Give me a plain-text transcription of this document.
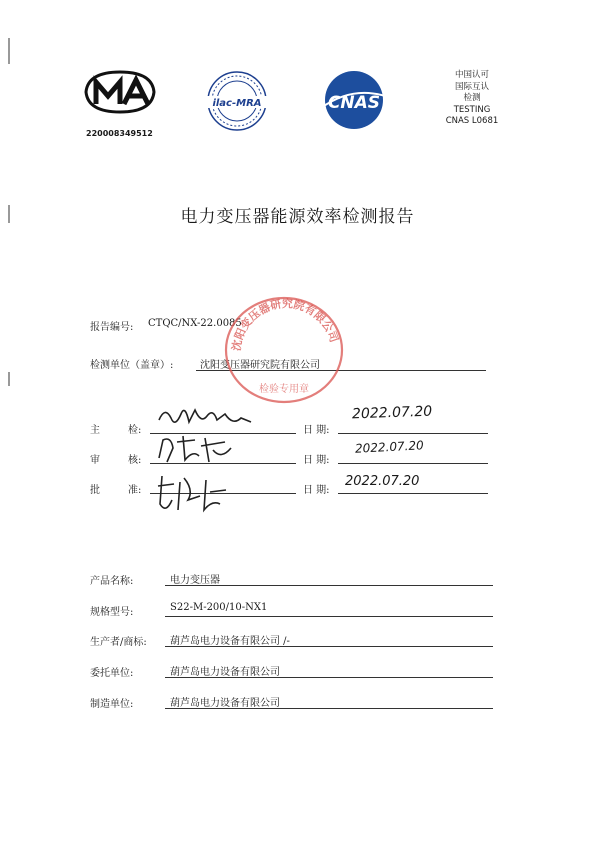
220008349512
ilac-MRA	CNAS
中国认可
国际互认
检测
TESTING
CNAS L0681
电力变压器能源效率检测报告
报告编号: CTQC/NX-22.0085
检测单位（盖章）:	沈阳变压器研究院有限公司
沈阳变压器研究院有限公司
检验专用章
主	检:	日 期:
2022.07.20
审	核:	日 期:
2022.07.20
批	准:	日 期:
2022.07.20
产品名称:	电力变压器
规格型号:	S22-M-200/10-NX1
生产者/商标: 葫芦岛电力设备有限公司 /-
委托单位:	葫芦岛电力设备有限公司
制造单位:	葫芦岛电力设备有限公司
